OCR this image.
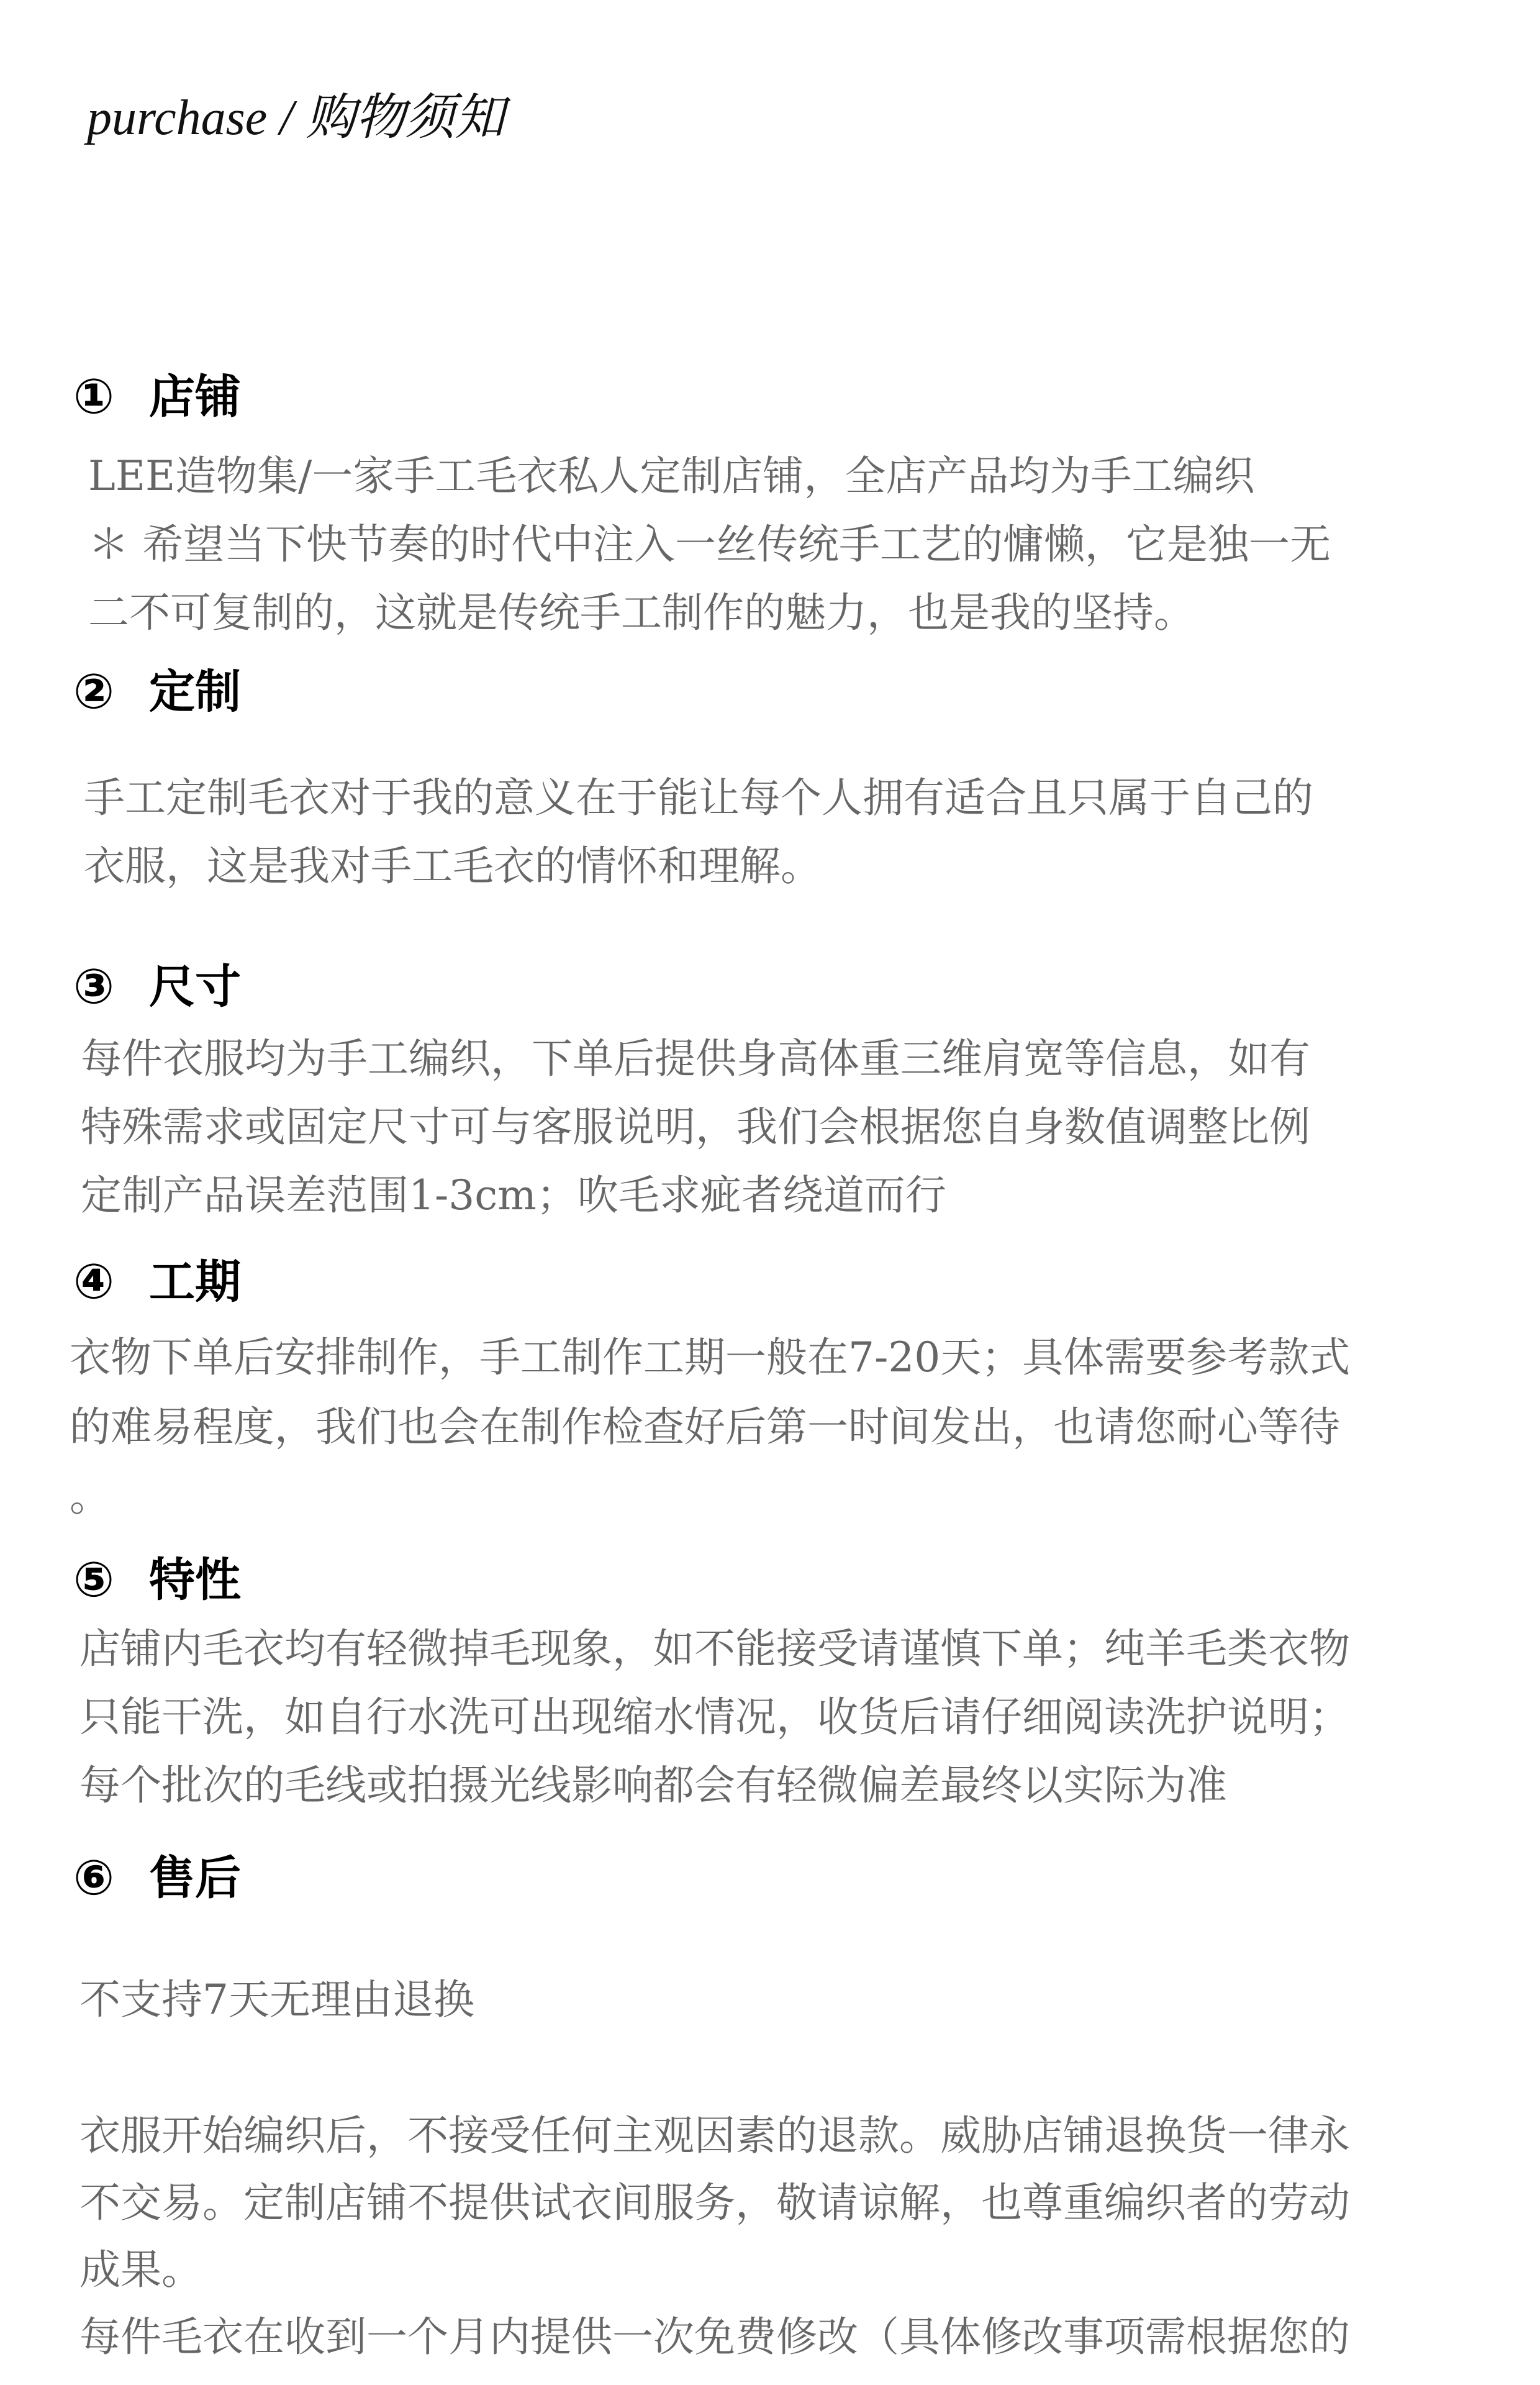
purchase / 购物须知
① 店铺
LEE造物集/一家手工毛衣私人定制店铺，全店产品均为手工编织
＊ 希望当下快节奏的时代中注入一丝传统手工艺的慵懒，它是独一无
二不可复制的，这就是传统手工制作的魅力，也是我的坚持。
② 定制
手工定制毛衣对于我的意义在于能让每个人拥有适合且只属于自己的
衣服，这是我对手工毛衣的情怀和理解。
③ 尺寸
每件衣服均为手工编织，下单后提供身高体重三维肩宽等信息，如有
特殊需求或固定尺寸可与客服说明，我们会根据您自身数值调整比例
定制产品误差范围1-3cm；吹毛求疵者绕道而行
④ 工期
衣物下单后安排制作，手工制作工期一般在7-20天；具体需要参考款式
的难易程度，我们也会在制作检查好后第一时间发出，也请您耐心等待
。
⑤ 特性
店铺内毛衣均有轻微掉毛现象，如不能接受请谨慎下单；纯羊毛类衣物
只能干洗，如自行水洗可出现缩水情况，收货后请仔细阅读洗护说明；
每个批次的毛线或拍摄光线影响都会有轻微偏差最终以实际为准
⑥ 售后
不支持7天无理由退换
衣服开始编织后，不接受任何主观因素的退款。威胁店铺退换货一律永
不交易。定制店铺不提供试衣间服务，敬请谅解，也尊重编织者的劳动
成果。
每件毛衣在收到一个月内提供一次免费修改（具体修改事项需根据您的
